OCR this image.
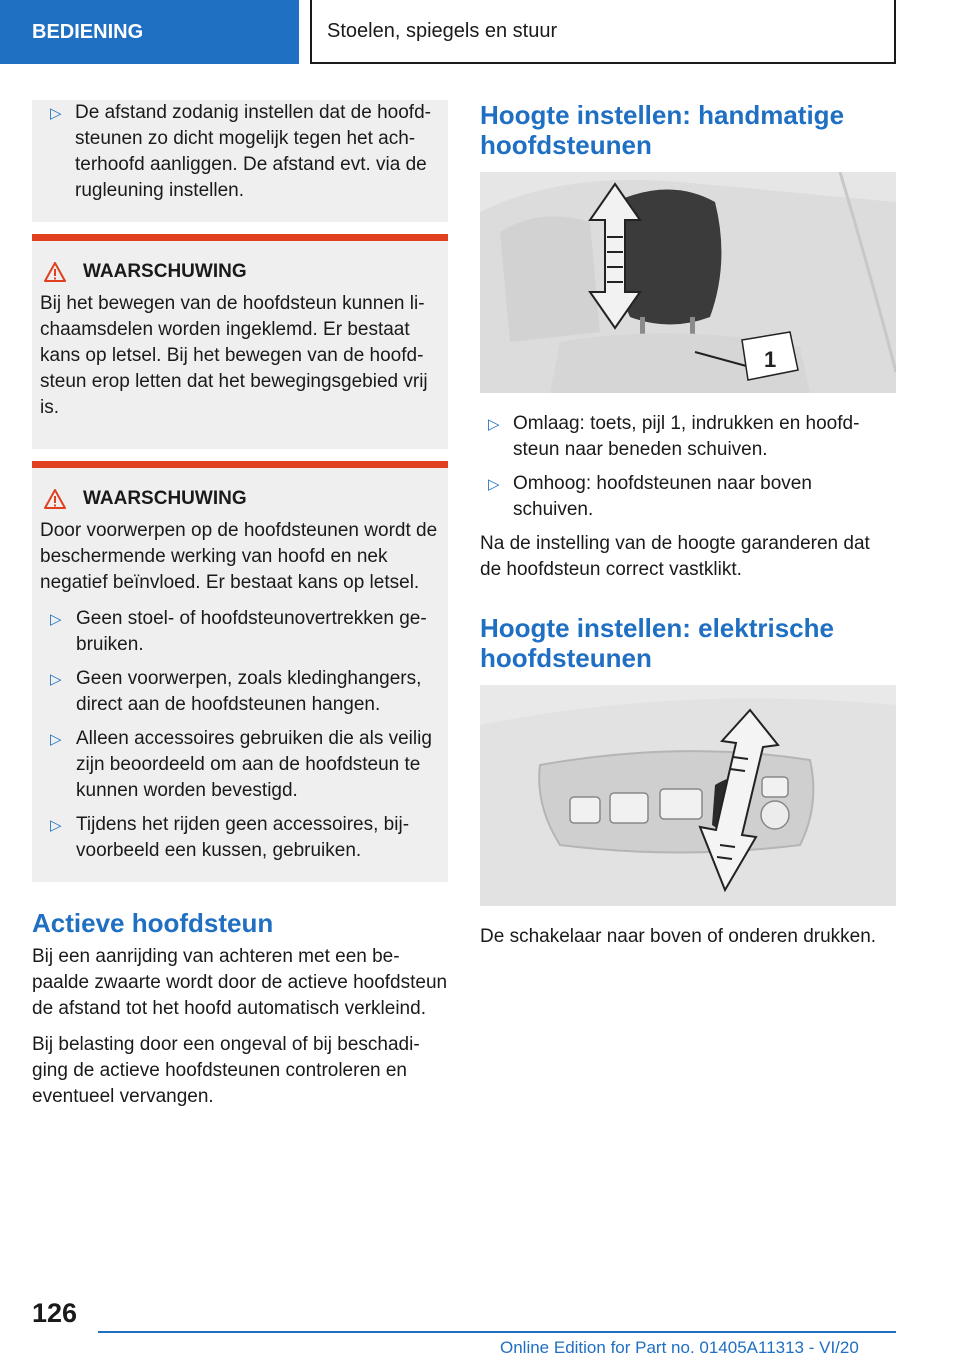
BEDIENING	Stoelen, spiegels en stuur
▷ De afstand zodanig instellen dat de hoofdsteunen zo dicht mogelijk tegen het achterhoofd aanliggen. De afstand evt. via de rugleuning instellen.
WAARSCHUWING
Bij het bewegen van de hoofdsteun kunnen lichaamsdelen worden ingeklemd. Er bestaat kans op letsel. Bij het bewegen van de hoofdsteun erop letten dat het bewegingsgebied vrij is.
WAARSCHUWING
Door voorwerpen op de hoofdsteunen wordt de beschermende werking van hoofd en nek negatief beïnvloed. Er bestaat kans op letsel.
▷ Geen stoel- of hoofdsteunovertrekken gebruiken.
▷ Geen voorwerpen, zoals kledinghangers, direct aan de hoofdsteunen hangen.
▷ Alleen accessoires gebruiken die als veilig zijn beoordeeld om aan de hoofdsteun te kunnen worden bevestigd.
▷ Tijdens het rijden geen accessoires, bijvoorbeeld een kussen, gebruiken.
Actieve hoofdsteun

Bij een aanrijding van achteren met een bepaalde zwaarte wordt door de actieve hoofdsteun de afstand tot het hoofd automatisch verkleind.

Bij belasting door een ongeval of bij beschadiging de actieve hoofdsteunen controleren en eventueel vervangen.

Hoogte instellen: handmatige hoofdsteunen
1
▷ Omlaag: toets, pijl 1, indrukken en hoofdsteun naar beneden schuiven.
▷ Omhoog: hoofdsteunen naar boven schuiven.

Na de instelling van de hoogte garanderen dat de hoofdsteun correct vastklikt.

Hoogte instellen: elektrische hoofdsteunen

De schakelaar naar boven of onderen drukken.

126
Online Edition for Part no. 01405A11313 - VI/20
